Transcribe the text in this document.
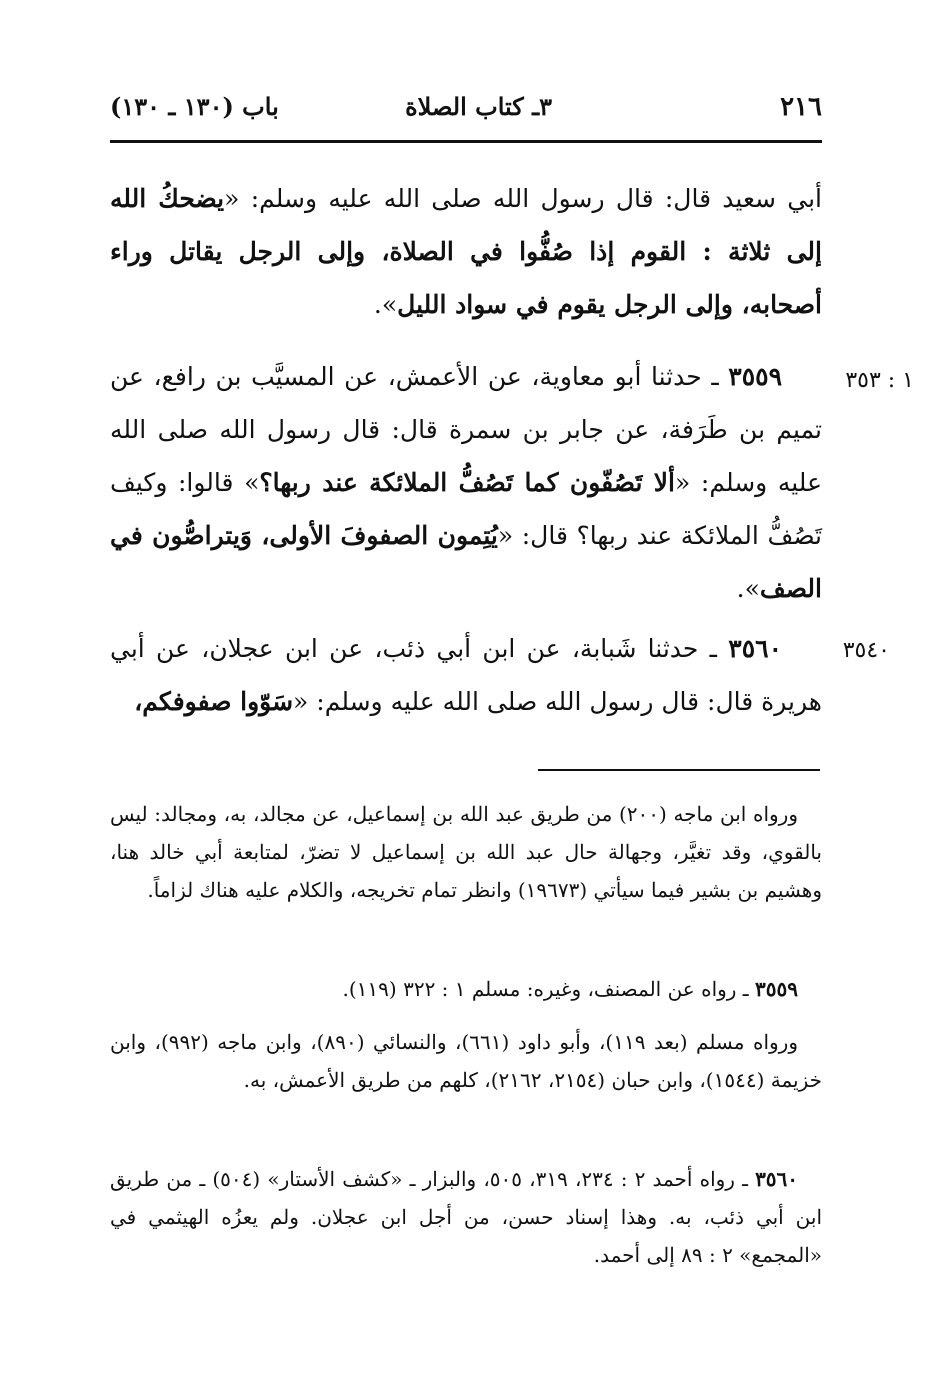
٢١٦
٣ـ كتاب الصلاة
باب (١٣٠ ـ ١٣٠)

أبي سعيد قال: قال رسول الله صلى الله عليه وسلم: «يضحكُ الله إلى ثلاثة : القوم إذا صُفُّوا في الصلاة، وإلى الرجل يقاتل وراء أصحابه، وإلى الرجل يقوم في سواد الليل».

١ : ٣٥٣

٣٥٥٩ ـ حدثنا أبو معاوية، عن الأعمش، عن المسيَّب بن رافع، عن تميم بن طَرَفة، عن جابر بن سمرة قال: قال رسول الله صلى الله عليه وسلم: «ألا تَصُفّون كما تَصُفُّ الملائكة عند ربها؟» قالوا: وكيف تَصُفُّ الملائكة عند ربها؟ قال: «يُتِمون الصفوفَ الأولى، وَيتراصُّون في الصف».

٣٥٤٠

٣٥٦٠ ـ حدثنا شَبابة، عن ابن أبي ذئب، عن ابن عجلان، عن أبي هريرة قال: قال رسول الله صلى الله عليه وسلم: «سَوّوا صفوفكم،

ورواه ابن ماجه (٢٠٠) من طريق عبد الله بن إسماعيل، عن مجالد، به، ومجالد: ليس بالقوي، وقد تغيَّر، وجهالة حال عبد الله بن إسماعيل لا تضرّ، لمتابعة أبي خالد هنا، وهشيم بن بشير فيما سيأتي (١٩٦٧٣) وانظر تمام تخريجه، والكلام عليه هناك لزاماً.

٣٥٥٩ ـ رواه عن المصنف، وغيره: مسلم ١ : ٣٢٢ (١١٩).

ورواه مسلم (بعد ١١٩)، وأبو داود (٦٦١)، والنسائي (٨٩٠)، وابن ماجه (٩٩٢)، وابن خزيمة (١٥٤٤)، وابن حبان (٢١٥٤، ٢١٦٢)، كلهم من طريق الأعمش، به.

٣٥٦٠ ـ رواه أحمد ٢ : ٢٣٤، ٣١٩، ٥٠٥، والبزار ـ «كشف الأستار» (٥٠٤) ـ من طريق ابن أبي ذئب، به. وهذا إسناد حسن، من أجل ابن عجلان. ولم يعزُه الهيثمي في «المجمع» ٢ : ٨٩ إلى أحمد.
